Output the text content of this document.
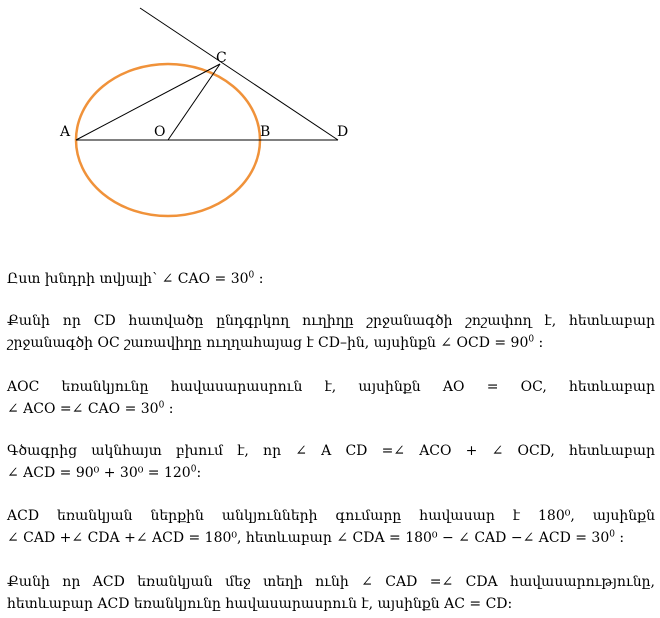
A	O	B
C
D
Ըստ խնդրի տվյալի՝ ∠ CAO = $30^0$ :
Քանի որ CD հատվածը ընդգրկող ուղիղը շրջանագծի շոշափող է, հետևաբար
շրջանագծի OC շառավիղը ուղղահայաց է CD–ին, այսինքն ∠ OCD = $90^0$ :
AOC եռանկյունը հավասարասրուն է, այսինքն AO = OC, հետևաբար
∠ ACO =∠ CAO = $30^0$ :
Գծագրից ակնհայտ բխում է, որ ∠ A CD =∠ ACO + ∠ OCD, հետևաբար
∠ ACD = $90^0 + 30^0 = 120^0$:
ACD եռանկյան ներքին անկյունների գումարը հավասար է 180⁰, այսինքն
∠ CAD +∠ CDA +∠ ACD = 180⁰, հետևաբար ∠ CDA = 180⁰ − ∠ CAD −∠ ACD = $30^0$ :
Քանի որ ACD եռանկյան մեջ տեղի ունի ∠ CAD =∠ CDA հավասարությունը,
հետևաբար ACD եռանկյունը հավասարասրուն է, այսինքն AC = CD:
